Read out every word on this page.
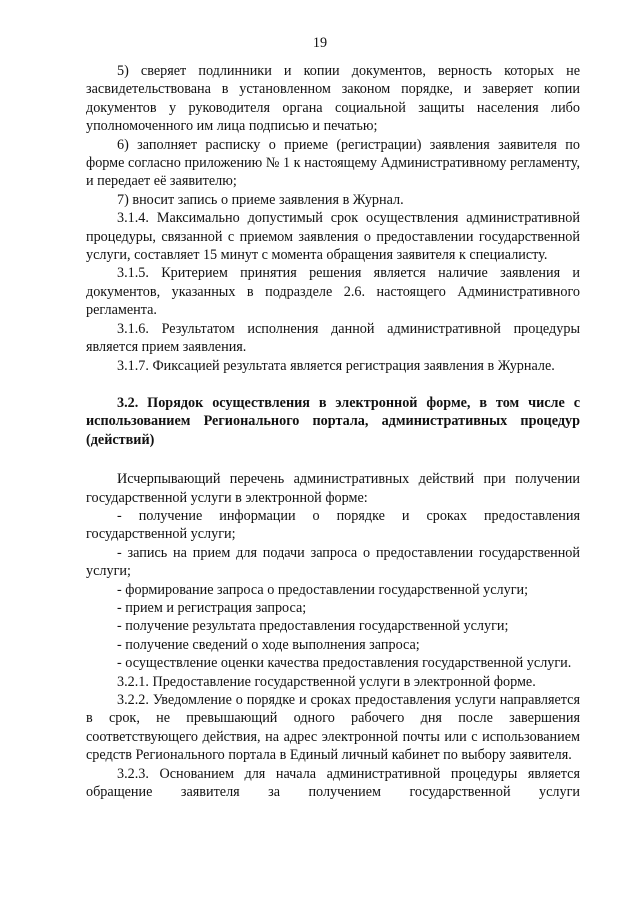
19

5) сверяет подлинники и копии документов, верность которых не засвидетельствована в установленном законом порядке, и заверяет копии документов у руководителя органа социальной защиты населения либо уполномоченного им лица подписью и печатью;

6) заполняет расписку о приеме (регистрации) заявления заявителя по форме согласно приложению № 1 к настоящему Административному регламенту, и передает её заявителю;

7) вносит запись о приеме заявления в Журнал.

3.1.4. Максимально допустимый срок осуществления административной процедуры, связанной с приемом заявления о предоставлении государственной услуги, составляет 15 минут с момента обращения заявителя к специалисту.

3.1.5. Критерием принятия решения является наличие заявления и документов, указанных в подразделе 2.6. настоящего Административного регламента.

3.1.6. Результатом исполнения данной административной процедуры является прием заявления.

3.1.7. Фиксацией результата является регистрация заявления в Журнале.

3.2. Порядок осуществления в электронной форме, в том числе с использованием Регионального портала, административных процедур (действий)

Исчерпывающий перечень административных действий при получении государственной услуги в электронной форме:

- получение информации о порядке и сроках предоставления государственной услуги;

- запись на прием для подачи запроса о предоставлении государственной услуги;

- формирование запроса о предоставлении государственной услуги;

- прием и регистрация запроса;

- получение результата предоставления государственной услуги;

- получение сведений о ходе выполнения запроса;

- осуществление оценки качества предоставления государственной услуги.

3.2.1. Предоставление государственной услуги в электронной форме.

3.2.2. Уведомление о порядке и сроках предоставления услуги направляется в срок, не превышающий одного рабочего дня после завершения соответствующего действия, на адрес электронной почты или с использованием средств Регионального портала в Единый личный кабинет по выбору заявителя.

3.2.3. Основанием для начала административной процедуры является обращение заявителя за получением государственной услуги
